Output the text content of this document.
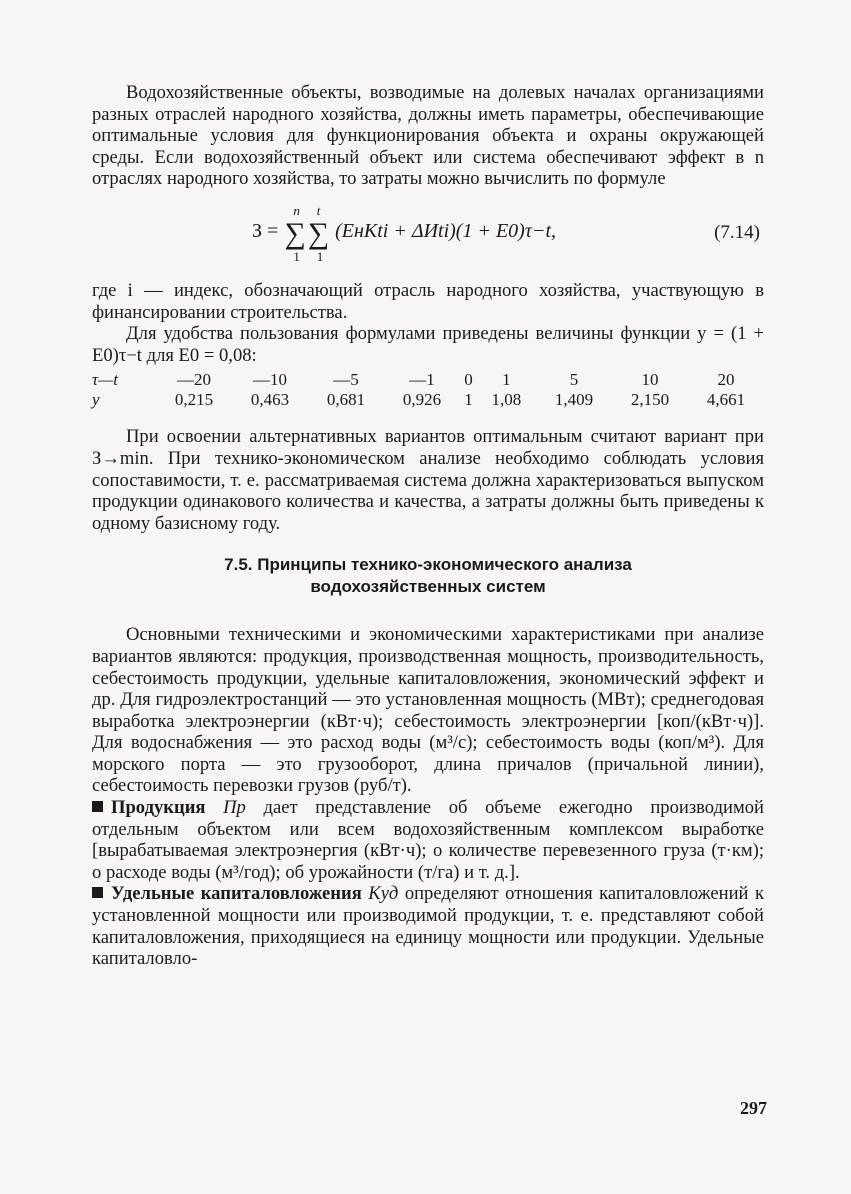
Водохозяйственные объекты, возводимые на долевых началах организациями разных отраслей народного хозяйства, должны иметь параметры, обеспечивающие оптимальные условия для функционирования объекта и охраны окружающей среды. Если водохозяйственный объект или система обеспечивают эффект в n отраслях народного хозяйства, то затраты можно вычислить по формуле

З = ∑
n
1
∑
t
1
(EнKti + ΔИti)(1 + E0)τ−t,	(7.14)

где i — индекс, обозначающий отрасль народного хозяйства, участвующую в финансировании строительства.

Для удобства пользования формулами приведены величины функции y = (1 + E0)τ−t для E0 = 0,08:

τ—t	—20	—10	—5	—1	0	1	5	10	20
y	0,215	0,463	0,681	0,926	1	1,08	1,409	2,150	4,661

При освоении альтернативных вариантов оптимальным считают вариант при З→min. При технико-экономическом анализе необходимо соблюдать условия сопоставимости, т. е. рассматриваемая система должна характеризоваться выпуском продукции одинакового количества и качества, а затраты должны быть приведены к одному базисному году.

7.5. Принципы технико-экономического анализа
водохозяйственных систем

Основными техническими и экономическими характеристиками при анализе вариантов являются: продукция, производственная мощность, производительность, себестоимость продукции, удельные капиталовложения, экономический эффект и др. Для гидроэлектростанций — это установленная мощность (МВт); среднегодовая выработка электроэнергии (кВт·ч); себестоимость электроэнергии [коп/(кВт·ч)]. Для водоснабжения — это расход воды (м³/с); себестоимость воды (коп/м³). Для морского порта — это грузооборот, длина причалов (причальной линии), себестоимость перевозки грузов (руб/т).

Продукция Пр дает представление об объеме ежегодно производимой отдельным объектом или всем водохозяйственным комплексом выработке [вырабатываемая электроэнергия (кВт·ч); о количестве перевезенного груза (т·км); о расходе воды (м³/год); об урожайности (т/га) и т. д.].

Удельные капиталовложения Kуд определяют отношения капиталовложений к установленной мощности или производимой продукции, т. е. представляют собой капиталовложения, приходящиеся на единицу мощности или продукции. Удельные капиталовло-

297
